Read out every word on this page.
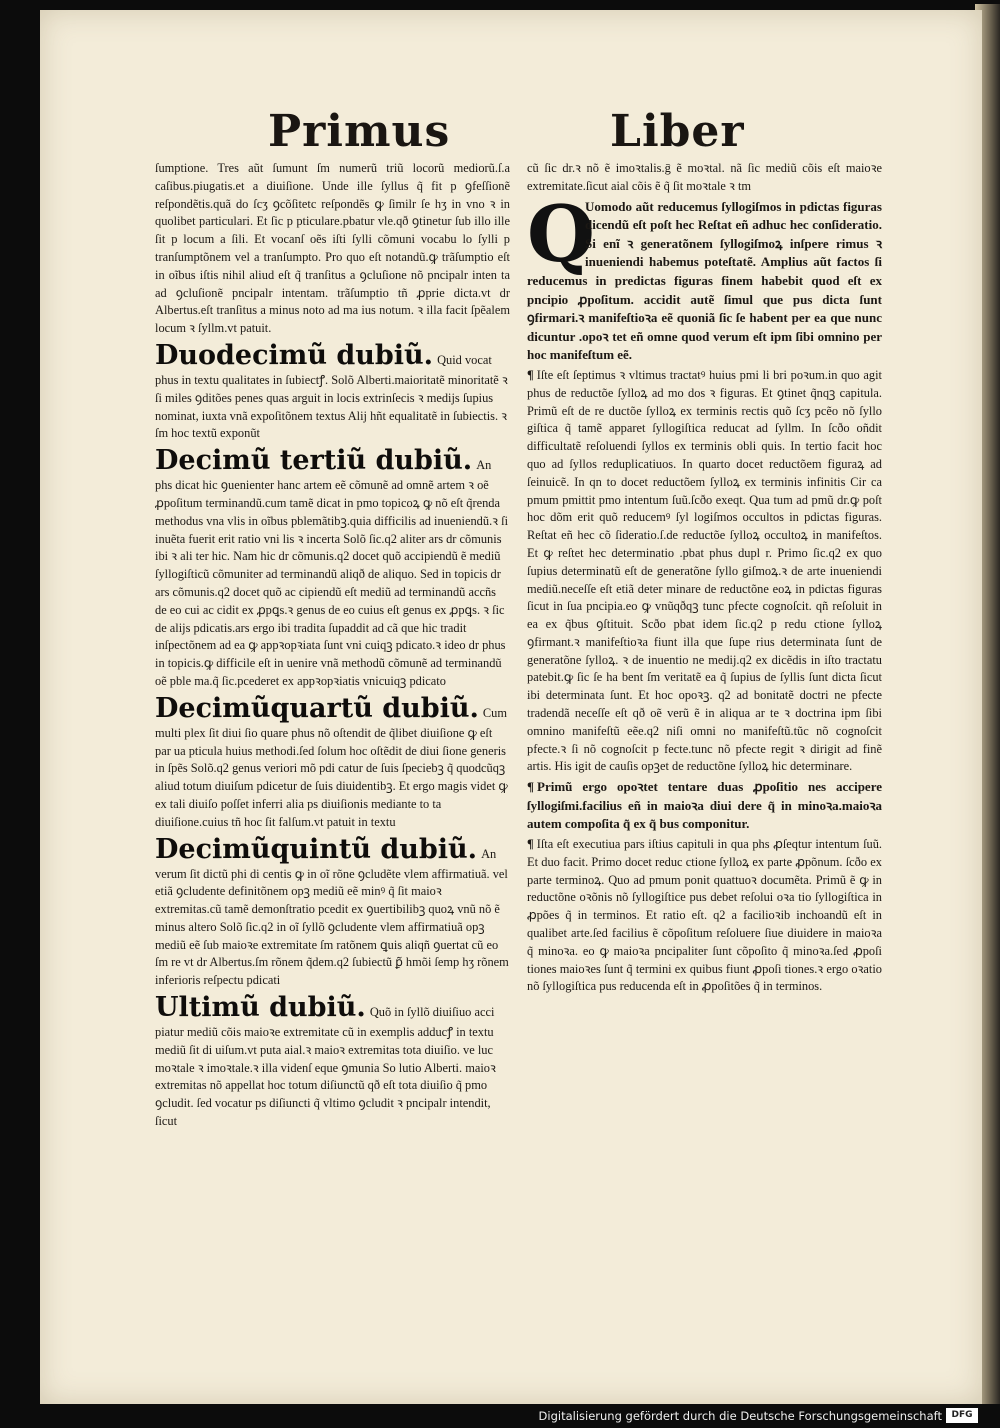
Primus	Liber

ſumptione. Tres aũt ſumunt ſm numerũ triũ locorũ mediorũ.ſ.a caſibus.piugatis.et a diuiſione. Unde ille ſyllus q̃ fit p ꝯfeſſionẽ reſpondẽtis.quã do ſcʒ ꝯcõſitetc reſpondẽs ꝙ ſimilr ſe hʒ in vno ꝛ in quolibet particulari. Et ſic p pticulare.pbatur vle.qð ꝯtinetur ſub illo ille ſit p locum a ſili. Et vocanſ oẽs iſti ſylli cõmuni vocabu lo ſylli p tranſumptõnem vel a tranſumpto. Pro quo eſt notandũ.ꝙ trãſumptio eſt in oĩbus iſtis nihil aliud eſt q̃ tranſitus a ꝯcluſione nõ pncipalr inten ta ad ꝯcluſionẽ pncipalr intentam. trãſumptio tñ ꝓprie dicta.vt dr Albertus.eſt tranſitus a minus noto ad ma ius notum. ꝛ illa facit ſpẽalem locum ꝛ ſyllm.vt patuit.

Duodecimũ dubiũ. Quid vocat phus in textu qualitates in ſubiectꝭ. Solõ Alberti.maioritatẽ minoritatẽ ꝛ ſi miles ꝯditões penes quas arguit in locis extrinſecis ꝛ medijs ſupius nominat, iuxta vnã expoſitõnem textus Alij hñt equalitatẽ in ſubiectis. ꝛ ſm hoc textũ exponũt
Decimũ tertiũ dubiũ. An phs dicat hic ꝯuenienter hanc artem eẽ cõmunẽ ad omnẽ artem ꝛ oẽ ꝓpoſitum terminandũ.cum tamẽ dicat in pmo topicoꝝ ꝙ nõ eſt q̃renda methodus vna vlis in oĩbus pblemãtibꝫ.quia difficilis ad inueniendũ.ꝛ ſi inuẽta fuerit erit ratio vni lis ꝛ incerta Solõ ſic.q2 aliter ars dr cõmunis ibi ꝛ ali ter hic. Nam hic dr cõmunis.q2 docet quõ accipiendũ ẽ mediũ ſyllogiſticũ cõmuniter ad terminandũ aliqð de aliquo. Sed in topicis dr ars cõmunis.q2 docet quõ ac cipiendũ eſt mediũ ad terminandũ accñs de eo cui ac cidit ex ꝓpꝗs.ꝛ genus de eo cuius eſt genus ex ꝓpꝗs. ꝛ ſic de alijs pdicatis.ars ergo ibi tradita ſupaddit ad cã que hic tradit inſpectõnem ad ea ꝙ appꝛopꝛiata ſunt vni cuiqꝫ pdicato.ꝛ ideo dr phus in topicis.ꝙ difficile eſt in uenire vnã methodũ cõmunẽ ad terminandũ oẽ pble ma.q̃ ſic.pcederet ex appꝛopꝛiatis vnicuiqꝫ pdicato
Decimũquartũ dubiũ. Cum multi plex ſit diui ſio quare phus nõ oſtendit de q̃libet diuiſione ꝙ eſt par ua pticula huius methodi.ſed ſolum hoc oſtẽdit de diui ſione generis in ſpẽs Solõ.q2 genus veriori mõ pdi catur de ſuis ſpeciebꝫ q̃ quodcũqꝫ aliud totum diuiſum pdicetur de ſuis diuidentibꝫ. Et ergo magis videt ꝙ ex tali diuiſo poſſet inferri alia ps diuiſionis mediante to ta diuiſione.cuius tñ hoc ſit falſum.vt patuit in textu
Decimũquintũ dubiũ. An verum ſit dictũ phi di centis ꝙ in oĩ rõne ꝯcludẽte vlem affirmatiuã. vel etiã ꝯcludente definitõnem opꝫ mediũ eẽ minꝰ q̃ ſit maioꝛ extremitas.cũ tamẽ demonſtratio pcedit ex ꝯuertibilibꝫ quoꝝ vnũ nõ ẽ minus altero Solõ ſic.q2 in oĩ ſyllõ ꝯcludente vlem affirmatiuã opꝫ mediũ eẽ ſub maioꝛe extremitate ſm ratõnem ꝗuis aliqñ ꝯuertat cũ eo ſm re vt dr Albertus.ſm rõnem q̃dem.q2 ſubiectũ ꝑ̃ hmõi ſemp hʒ rõnem inferioris reſpectu pdicati
Ultimũ dubiũ. Quõ in ſyllõ diuiſiuo acci piatur mediũ cõis maioꝛe extremitate cũ in exemplis adducꝭ in textu mediũ ſit di uiſum.vt puta aial.ꝛ maioꝛ extremitas tota diuiſio. ve luc moꝛtale ꝛ imoꝛtale.ꝛ illa videnſ eque ꝯmunia So lutio Alberti. maioꝛ extremitas nõ appellat hoc totum diſiunctũ qð eſt tota diuiſio q̃ pmo ꝯcludit. ſed vocatur ps diſiuncti q̃ vltimo ꝯcludit ꝛ pncipalr intendit, ſicut

cũ ſic dr.ꝛ nõ ẽ imoꝛtalis.ḡ ẽ moꝛtal. nã ſic mediũ cõis eſt maioꝛe extremitate.ſicut aial cõis ẽ q̃ ſit moꝛtale ꝛ tm

Q

Uomodo aũt reducemus ſyllogiſmos in pdictas figuras dicendũ eſt poſt hec Reſtat eñ adhuc hec conſideratio. Si enĩ ꝛ generatõnem ſyllogiſmoꝝ inſpere rimus ꝛ inueniendi habemus poteſtatẽ. Amplius aũt factos ſi reducemus in predictas figuras finem habebit quod eſt ex pncipio ꝓpoſitum. accidit autẽ ſimul que pus dicta ſunt ꝯfirmari.ꝛ manifeſtioꝛa eẽ quoniã ſic ſe habent per ea que nunc dicuntur .opoꝛ tet eñ omne quod verum eſt ipm ſibi omnino per hoc manifeſtum eẽ.

¶ Iſte eſt ſeptimus ꝛ vltimus tractatꝰ huius pmi li bri poꝛum.in quo agit phus de reductõe ſylloꝝ ad mo dos ꝛ figuras. Et ꝯtinet q̃nqꝫ capitula. Primũ eſt de re ductõe ſylloꝝ ex terminis rectis quõ ſcʒ pcẽo nõ ſyllo giſtica q̃ tamẽ apparet ſyllogiſtica reducat ad ſyllm. In ſcðo oñdit difficultatẽ reſoluendi ſyllos ex terminis obli quis. In tertio facit hoc quo ad ſyllos reduplicatiuos. In quarto docet reductõem figuraꝝ ad ſeinuicẽ. In qn to docet reductõem ſylloꝝ ex terminis infinitis Cir ca pmum pmittit pmo intentum ſuũ.ſcðo exeqt. Qua tum ad pmũ dr.ꝙ poſt hoc dõm erit quõ reducemꝰ ſyl logiſmos occultos in pdictas figuras. Reſtat eñ hec cõ ſideratio.ſ.de reductõe ſylloꝝ occultoꝝ in manifeſtos. Et ꝙ reſtet hec determinatio .pbat phus dupl r. Primo ſic.q2 ex quo ſupius determinatũ eſt de generatõne ſyllo giſmoꝝ.ꝛ de arte inueniendi mediũ.neceſſe eſt etiã deter minare de reductõne eoꝝ in pdictas figuras ſicut in ſua pncipia.eo ꝙ vnũqðqꝫ tunc pfecte cognoſcit. qñ reſoluit in ea ex q̃bus ꝯſtituit. Scðo pbat idem ſic.q2 p redu ctione ſylloꝝ ꝯfirmant.ꝛ manifeſtioꝛa fiunt illa que ſupe rius determinata ſunt de generatõne ſylloꝝ. ꝛ de inuentio ne medij.q2 ex dicẽdis in iſto tractatu patebit.ꝙ ſic ſe ha bent ſm veritatẽ ea q̃ ſupius de ſyllis ſunt dicta ſicut ibi determinata ſunt. Et hoc opoꝛꝫ. q2 ad bonitatẽ doctri ne pfecte tradendã neceſſe eſt qð oẽ verũ ẽ in aliqua ar te ꝛ doctrina ipm ſibi omnino manifeſtũ eẽe.q2 niſi omni no manifeſtũ.tũc nõ cognoſcit pfecte.ꝛ ſi nõ cognoſcit p fecte.tunc nõ pfecte regit ꝛ dirigit ad finẽ artis. His igit de cauſis opꝫet de reductõne ſylloꝝ hic determinare.

¶ Primũ ergo opoꝛtet tentare duas ꝓpoſitio nes accipere ſyllogiſmi.facilius eñ in maioꝛa diui dere q̃ in minoꝛa.maioꝛa autem compoſita q̃ ex q̃ bus componitur.

¶ Iſta eſt executiua pars iſtius capituli in qua phs ꝓſeqtur intentum ſuũ. Et duo facit. Primo docet reduc ctione ſylloꝝ ex parte ꝓpõnum. ſcðo ex parte terminoꝝ. Quo ad pmum ponit quattuoꝛ documẽta. Primũ ẽ ꝙ in reductõne oꝛõnis nõ ſyllogiſtice pus debet reſolui oꝛa tio ſyllogiſtica in ꝓpões q̃ in terminos. Et ratio eſt. q2 a facilioꝛib inchoandũ eſt in qualibet arte.ſed facilius ẽ cõpoſitum reſoluere ſiue diuidere in maioꝛa q̃ minoꝛa. eo ꝙ maioꝛa pncipaliter ſunt cõpoſito q̃ minoꝛa.ſed ꝓpoſi tiones maioꝛes ſunt q̃ termini ex quibus fiunt ꝓpoſi tiones.ꝛ ergo oꝛatio nõ ſyllogiſtica pus reducenda eſt in ꝓpoſitões q̃ in terminos.

Digitalisierung gefördert durch die Deutsche Forschungsgemeinschaft	DFG
